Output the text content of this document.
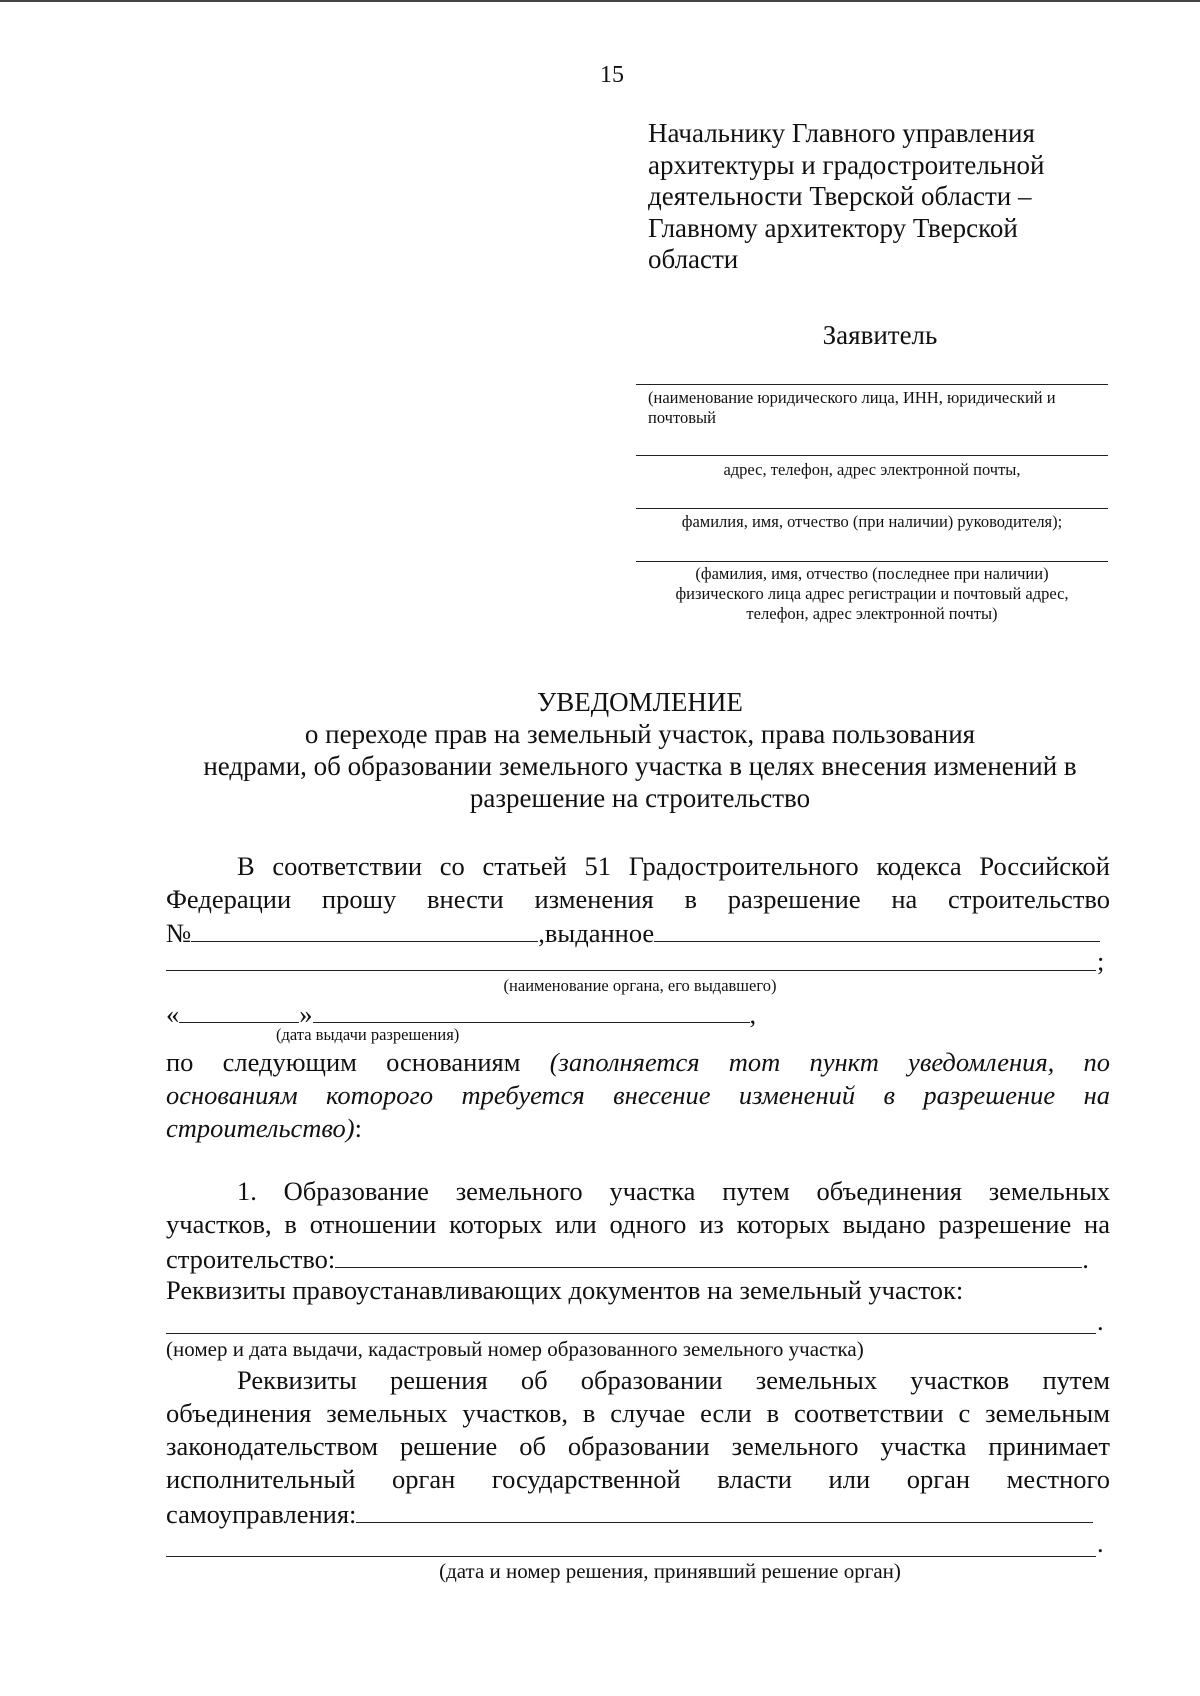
15
Начальнику Главного управления
архитектуры и градостроительной
деятельности Тверской области –
Главному архитектору Тверской
области
Заявитель
(наименование юридического лица, ИНН, юридический и
почтовый
адрес, телефон, адрес электронной почты,
фамилия, имя, отчество (при наличии) руководителя);
(фамилия, имя, отчество (последнее при наличии)
физического лица адрес регистрации и почтовый адрес,
телефон, адрес электронной почты)
УВЕДОМЛЕНИЕ
о переходе прав на земельный участок, права пользования
недрами, об образовании земельного участка в целях внесения изменений в
разрешение на строительство
В соответствии со статьей 51 Градостроительного кодекса Российской
Федерации прошу внести изменения в разрешение на строительство
№	,выданное
;
(наименование органа, его выдавшего)
«	»	,
(дата выдачи разрешения)
по следующим основаниям (заполняется тот пункт уведомления, по
основаниям которого требуется внесение изменений в разрешение на
строительство):
1. Образование земельного участка путем объединения земельных
участков, в отношении которых или одного из которых выдано разрешение на
строительство:	.
Реквизиты правоустанавливающих документов на земельный участок:
.
(номер и дата выдачи, кадастровый номер образованного земельного участка)
Реквизиты решения об образовании земельных участков путем
объединения земельных участков, в случае если в соответствии с земельным
законодательством решение об образовании земельного участка принимает
исполнительный орган государственной власти или орган местного
самоуправления:
.
(дата и номер решения, принявший решение орган)
